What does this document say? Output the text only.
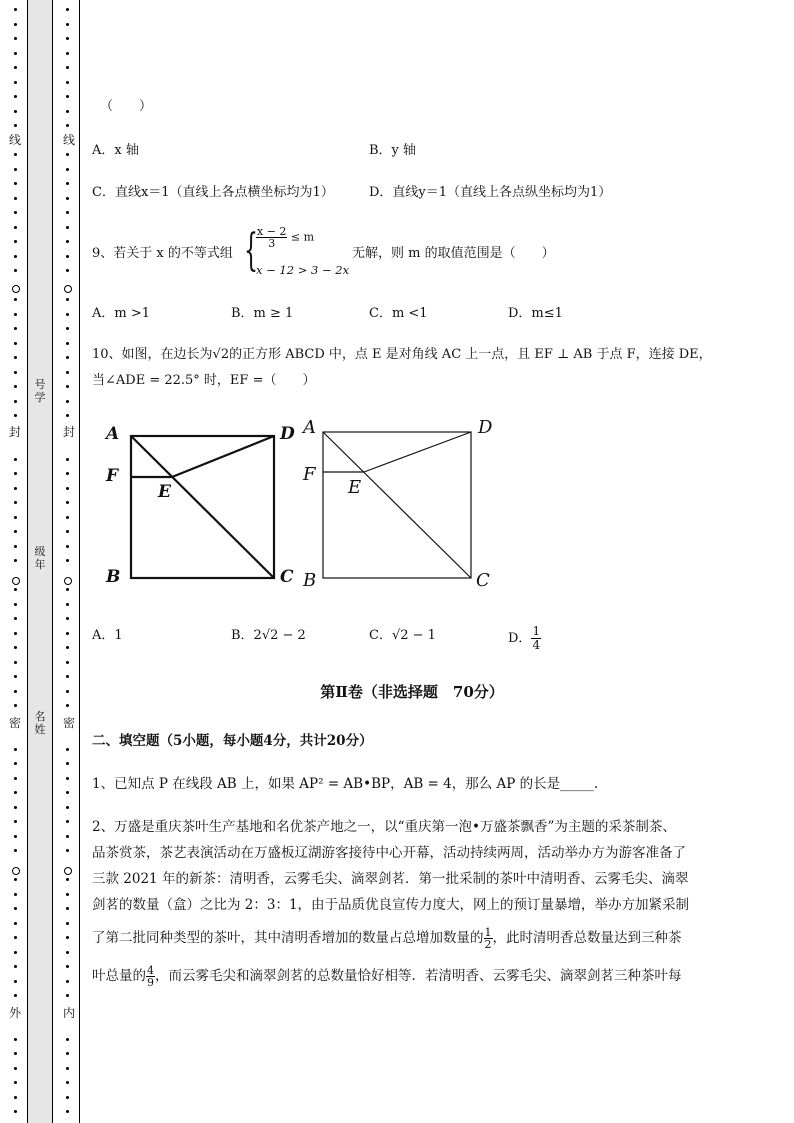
线
封
密
外
线
封
密
内
号学
级年
名姓
（　　）
A．x 轴	B．y 轴
C．直线x＝1（直线上各点横坐标均为1）	D．直线y＝1（直线上各点纵坐标均为1）
9、若关于 x 的不等式组 {
$\frac{x - 2}{3} \le m$
x − 12 > 3 − 2x
无解，则 m 的取值范围是（　　）
A．m >1	B．m ≥ 1	C．m <1	D．m≤1
10、如图，在边长为√2的正方形 ABCD 中，点 E 是对角线 AC 上一点，且 EF ⊥ AB 于点 F，连接 DE，
当∠ADE = 22.5° 时，EF =（　　）
A	D
F
E
B	C
A	D
F
E
B	C
A．1	B．2√2 − 2	C．√2 − 1	D． $\frac{1}{4}$
第Ⅱ卷（非选择题　70分）
二、填空题（5小题，每小题4分，共计20分）
1、已知点 P 在线段 AB 上，如果 AP² = AB•BP，AB = 4，那么 AP 的长是_____.
2、万盛是重庆茶叶生产基地和名优茶产地之一，以“重庆第一泡•万盛茶飘香”为主题的采茶制茶、
品茶赏茶，茶艺表演活动在万盛板辽湖游客接待中心开幕，活动持续两周，活动举办方为游客准备了
三款 2021 年的新茶：清明香，云雾毛尖、滴翠剑茗．第一批采制的茶叶中清明香、云雾毛尖、滴翠
剑茗的数量（盒）之比为 2：3：1，由于品质优良宣传力度大，网上的预订量暴增，举办方加紧采制
了第二批同种类型的茶叶，其中清明香增加的数量占总增加数量的 $\frac{1}{2}$ ，此时清明香总数量达到三种茶
叶总量的 $\frac{4}{9}$ ，而云雾毛尖和滴翠剑茗的总数量恰好相等．若清明香、云雾毛尖、滴翠剑茗三种茶叶每
